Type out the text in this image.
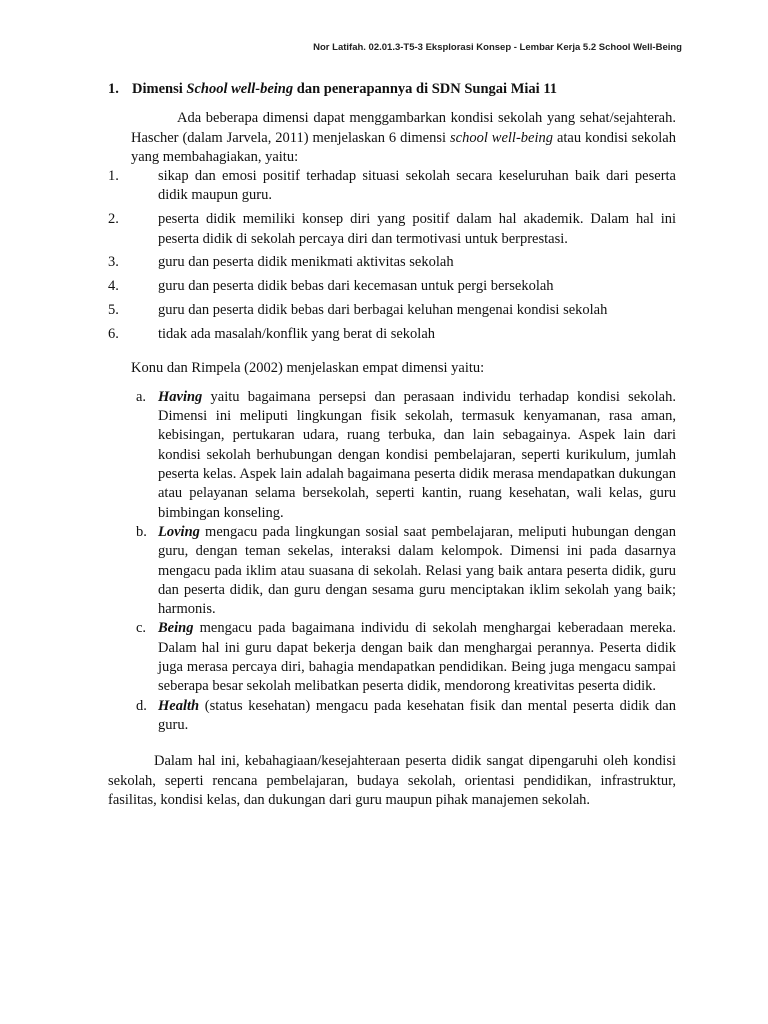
Nor Latifah. 02.01.3-T5-3 Eksplorasi Konsep - Lembar Kerja 5.2 School Well-Being
1. Dimensi School well-being dan penerapannya di SDN Sungai Miai 11

Ada beberapa dimensi dapat menggambarkan kondisi sekolah yang sehat/sejahterah. Hascher (dalam Jarvela, 2011) menjelaskan 6 dimensi school well-being atau kondisi sekolah yang membahagiakan, yaitu:

1.	sikap dan emosi positif terhadap situasi sekolah secara keseluruhan baik dari peserta didik maupun guru.
2.	peserta didik memiliki konsep diri yang positif dalam hal akademik. Dalam hal ini peserta didik di sekolah percaya diri dan termotivasi untuk berprestasi.
3.	guru dan peserta didik menikmati aktivitas sekolah
4.	guru dan peserta didik bebas dari kecemasan untuk pergi bersekolah
5.	guru dan peserta didik bebas dari berbagai keluhan mengenai kondisi sekolah
6.	tidak ada masalah/konflik yang berat di sekolah

Konu dan Rimpela (2002) menjelaskan empat dimensi yaitu:

a. Having yaitu bagaimana persepsi dan perasaan individu terhadap kondisi sekolah. Dimensi ini meliputi lingkungan fisik sekolah, termasuk kenyamanan, rasa aman, kebisingan, pertukaran udara, ruang terbuka, dan lain sebagainya. Aspek lain dari kondisi sekolah berhubungan dengan kondisi pembelajaran, seperti kurikulum, jumlah peserta kelas. Aspek lain adalah bagaimana peserta didik merasa mendapatkan dukungan atau pelayanan selama bersekolah, seperti kantin, ruang kesehatan, wali kelas, guru bimbingan konseling.
b. Loving mengacu pada lingkungan sosial saat pembelajaran, meliputi hubungan dengan guru, dengan teman sekelas, interaksi dalam kelompok. Dimensi ini pada dasarnya mengacu pada iklim atau suasana di sekolah. Relasi yang baik antara peserta didik, guru dan peserta didik, dan guru dengan sesama guru menciptakan iklim sekolah yang baik; harmonis.
c. Being mengacu pada bagaimana individu di sekolah menghargai keberadaan mereka. Dalam hal ini guru dapat bekerja dengan baik dan menghargai perannya. Peserta didik juga merasa percaya diri, bahagia mendapatkan pendidikan. Being juga mengacu sampai seberapa besar sekolah melibatkan peserta didik, mendorong kreativitas peserta didik.
d. Health (status kesehatan) mengacu pada kesehatan fisik dan mental peserta didik dan guru.

Dalam hal ini, kebahagiaan/kesejahteraan peserta didik sangat dipengaruhi oleh kondisi sekolah, seperti rencana pembelajaran, budaya sekolah, orientasi pendidikan, infrastruktur, fasilitas, kondisi kelas, dan dukungan dari guru maupun pihak manajemen sekolah.
